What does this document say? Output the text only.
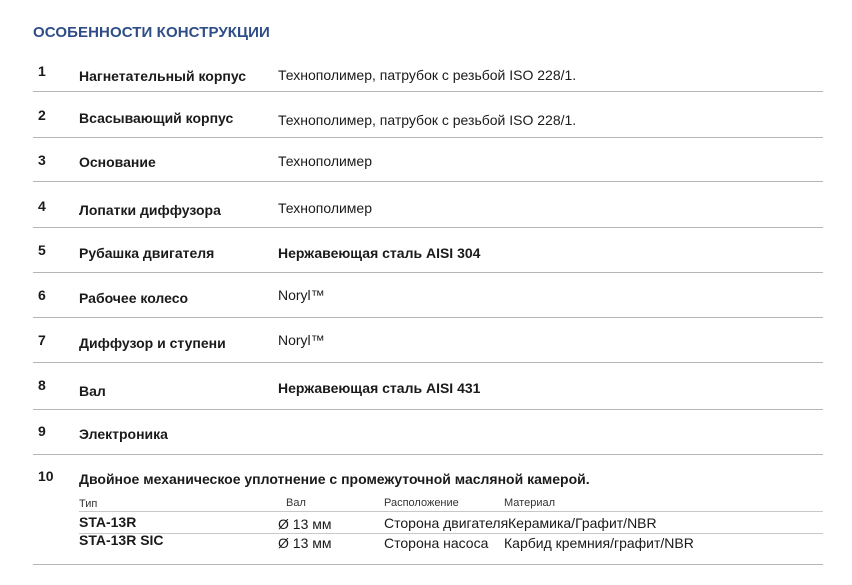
ОСОБЕННОСТИ КОНСТРУКЦИИ
1 Нагнетательный корпус Технополимер, патрубок с резьбой ISO 228/1.
2 Всасывающий корпус	Технополимер, патрубок с резьбой ISO 228/1.
3 Основание	Технополимер
4 Лопатки диффузора	Технополимер
5 Рубашка двигателя	Нержавеющая сталь AISI 304
6 Рабочее колесо	Noryl™
7 Диффузор и ступени	Noryl™
8 Вал	Нержавеющая сталь AISI 431
9 Электроника
10 Двойное механическое уплотнение с промежуточной масляной камерой.
Тип	Вал	Расположение	Материал
STA-13R	Ø 13 мм	Сторона двигателя Керамика/Графит/NBR
STA-13R SIC	Ø 13 мм	Сторона насоса Карбид кремния/графит/NBR
